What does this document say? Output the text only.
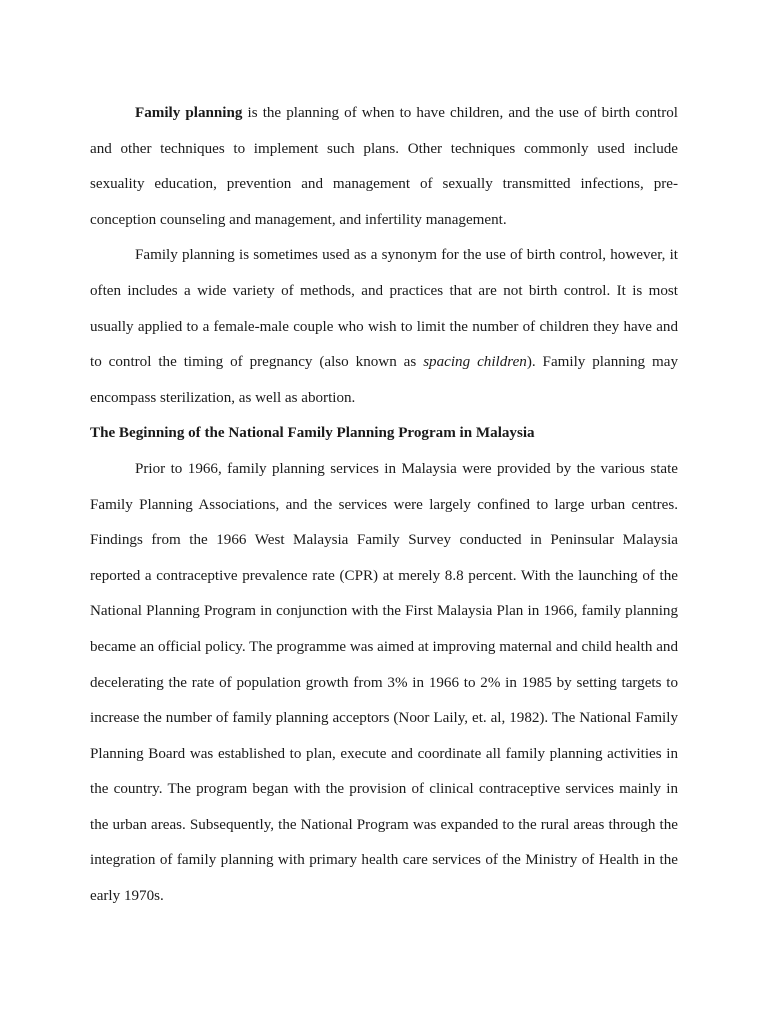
Family planning is the planning of when to have children, and the use of birth control and other techniques to implement such plans. Other techniques commonly used include sexuality education, prevention and management of sexually transmitted infections, pre-conception counseling and management, and infertility management.

Family planning is sometimes used as a synonym for the use of birth control, however, it often includes a wide variety of methods, and practices that are not birth control. It is most usually applied to a female-male couple who wish to limit the number of children they have and to control the timing of pregnancy (also known as spacing children). Family planning may encompass sterilization, as well as abortion.

The Beginning of the National Family Planning Program in Malaysia

Prior to 1966, family planning services in Malaysia were provided by the various state Family Planning Associations, and the services were largely confined to large urban centres. Findings from the 1966 West Malaysia Family Survey conducted in Peninsular Malaysia reported a contraceptive prevalence rate (CPR) at merely 8.8 percent. With the launching of the National Planning Program in conjunction with the First Malaysia Plan in 1966, family planning became an official policy. The programme was aimed at improving maternal and child health and decelerating the rate of population growth from 3% in 1966 to 2% in 1985 by setting targets to increase the number of family planning acceptors (Noor Laily, et. al, 1982). The National Family Planning Board was established to plan, execute and coordinate all family planning activities in the country. The program began with the provision of clinical contraceptive services mainly in the urban areas. Subsequently, the National Program was expanded to the rural areas through the integration of family planning with primary health care services of the Ministry of Health in the early 1970s.
